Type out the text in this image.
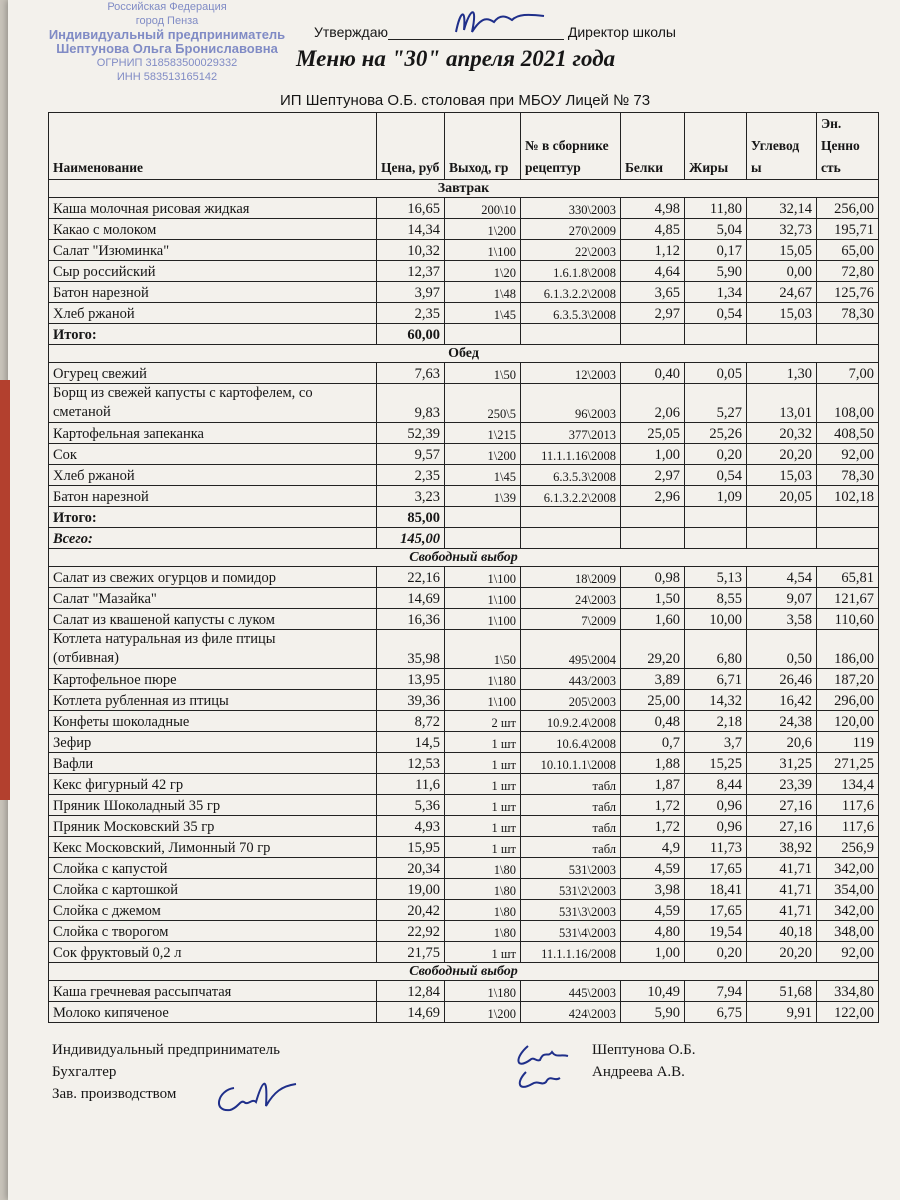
Российская Федерация
город Пенза
Индивидуальный предприниматель
Шептунова Ольга Брониславовна
ОГРНИП 318583500029332
ИНН 583513165142
Утверждаю	Директор школы
Меню на "30" апреля 2021 года
ИП Шептунова О.Б. столовая при МБОУ Лицей № 73
Наименование	Цена, руб	Выход, гр	№ в сборнике рецептур	Белки	Жиры	Углевод ы	Эн. Ценно сть
Завтрак							
Каша молочная рисовая жидкая	16,65	200\10	330\2003	4,98	11,80	32,14	256,00
Какао с молоком	14,34	1\200	270\2009	4,85	5,04	32,73	195,71
Салат "Изюминка"	10,32	1\100	22\2003	1,12	0,17	15,05	65,00
Сыр российский	12,37	1\20	1.6.1.8\2008	4,64	5,90	0,00	72,80
Батон нарезной	3,97	1\48	6.1.3.2.2\2008	3,65	1,34	24,67	125,76
Хлеб ржаной	2,35	1\45	6.3.5.3\2008	2,97	0,54	15,03	78,30
Итого:	60,00						
Обед							
Огурец свежий	7,63	1\50	12\2003	0,40	0,05	1,30	7,00
Борщ из свежей капусты с картофелем, со
сметаной	9,83	250\5	96\2003	2,06	5,27	13,01	108,00
Картофельная запеканка	52,39	1\215	377\2013	25,05	25,26	20,32	408,50
Сок	9,57	1\200	11.1.1.16\2008	1,00	0,20	20,20	92,00
Хлеб ржаной	2,35	1\45	6.3.5.3\2008	2,97	0,54	15,03	78,30
Батон нарезной	3,23	1\39	6.1.3.2.2\2008	2,96	1,09	20,05	102,18
Итого:	85,00						
Всего:	145,00						
Свободный выбор							
Салат из свежих огурцов и помидор	22,16	1\100	18\2009	0,98	5,13	4,54	65,81
Салат "Мазайка"	14,69	1\100	24\2003	1,50	8,55	9,07	121,67
Салат из квашеной капусты с луком	16,36	1\100	7\2009	1,60	10,00	3,58	110,60
Котлета натуральная из филе птицы
(отбивная)	35,98	1\50	495\2004	29,20	6,80	0,50	186,00
Картофельное пюре	13,95	1\180	443/2003	3,89	6,71	26,46	187,20
Котлета рубленная из птицы	39,36	1\100	205\2003	25,00	14,32	16,42	296,00
Конфеты шоколадные	8,72	2 шт	10.9.2.4\2008	0,48	2,18	24,38	120,00
Зефир	14,5	1 шт	10.6.4\2008	0,7	3,7	20,6	119
Вафли	12,53	1 шт	10.10.1.1\2008	1,88	15,25	31,25	271,25
Кекс фигурный 42 гр	11,6	1 шт	табл	1,87	8,44	23,39	134,4
Пряник Шоколадный 35 гр	5,36	1 шт	табл	1,72	0,96	27,16	117,6
Пряник Московский 35 гр	4,93	1 шт	табл	1,72	0,96	27,16	117,6
Кекс Московский, Лимонный 70 гр	15,95	1 шт	табл	4,9	11,73	38,92	256,9
Слойка с капустой	20,34	1\80	531\2003	4,59	17,65	41,71	342,00
Слойка с картошкой	19,00	1\80	531\2\2003	3,98	18,41	41,71	354,00
Слойка с джемом	20,42	1\80	531\3\2003	4,59	17,65	41,71	342,00
Слойка с творогом	22,92	1\80	531\4\2003	4,80	19,54	40,18	348,00
Сок фруктовый 0,2 л	21,75	1 шт	11.1.1.16/2008	1,00	0,20	20,20	92,00
Свободный выбор							
Каша гречневая рассыпчатая	12,84	1\180	445\2003	10,49	7,94	51,68	334,80
Молоко кипяченое	14,69	1\200	424\2003	5,90	6,75	9,91	122,00
Индивидуальный предприниматель	Шептунова О.Б.
Бухгалтер	Андреева А.В.
Зав. производством
